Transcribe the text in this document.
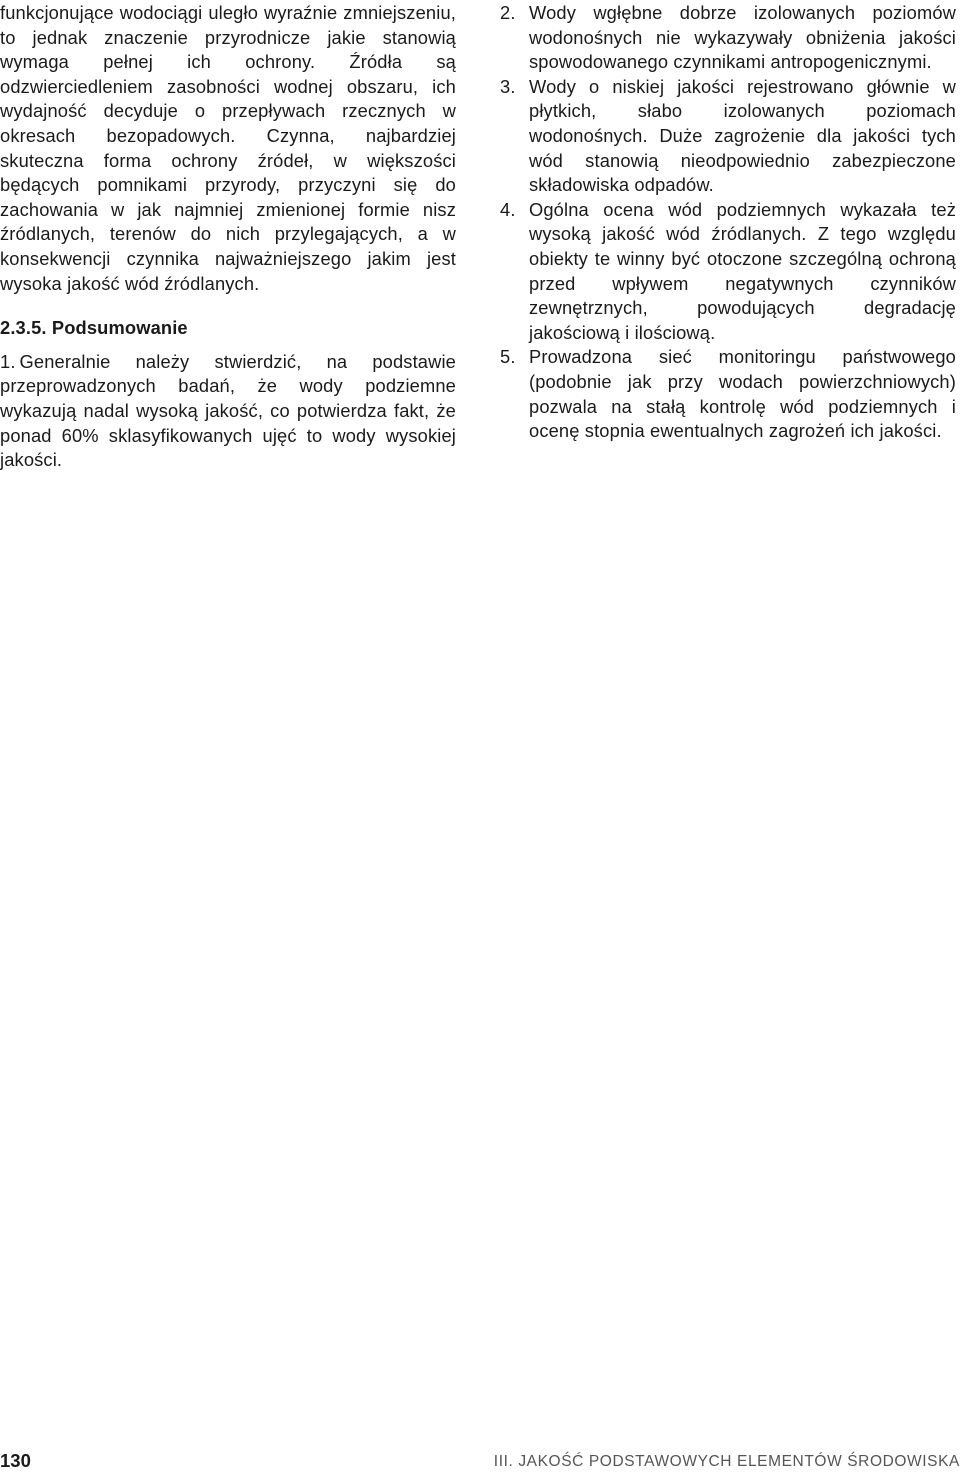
funkcjonujące wodociągi uległo wyraźnie zmniejszeniu, to jednak znaczenie przyrodnicze jakie stanowią wymaga pełnej ich ochrony. Źródła są odzwierciedleniem zasobności wodnej obszaru, ich wydajność decyduje o przepływach rzecznych w okresach bezopadowych. Czynna, najbardziej skuteczna forma ochrony źródeł, w większości będących pomnikami przyrody, przyczyni się do zachowania w jak najmniej zmienionej formie nisz źródlanych, terenów do nich przylegających, a w konsekwencji czynnika najważniejszego jakim jest wysoka jakość wód źródlanych.

2.3.5. Podsumowanie

1. Generalnie należy stwierdzić, na podstawie przeprowadzonych badań, że wody podziemne wykazują nadal wysoką jakość, co potwierdza fakt, że ponad 60% sklasyfikowanych ujęć to wody wysokiej jakości.
2. Wody wgłębne dobrze izolowanych poziomów wodonośnych nie wykazywały obniżenia jakości spowodowanego czynnikami antropogenicznymi.
3. Wody o niskiej jakości rejestrowano głównie w płytkich, słabo izolowanych poziomach wodonośnych. Duże zagrożenie dla jakości tych wód stanowią nieodpowiednio zabezpieczone składowiska odpadów.
4. Ogólna ocena wód podziemnych wykazała też wysoką jakość wód źródlanych. Z tego względu obiekty te winny być otoczone szczególną ochroną przed wpływem negatywnych czynników zewnętrznych, powodujących degradację jakościową i ilościową.
5. Prowadzona sieć monitoringu państwowego (podobnie jak przy wodach powierzchniowych) pozwala na stałą kontrolę wód podziemnych i ocenę stopnia ewentualnych zagrożeń ich jakości.
130	III. JAKOŚĆ PODSTAWOWYCH ELEMENTÓW ŚRODOWISKA
